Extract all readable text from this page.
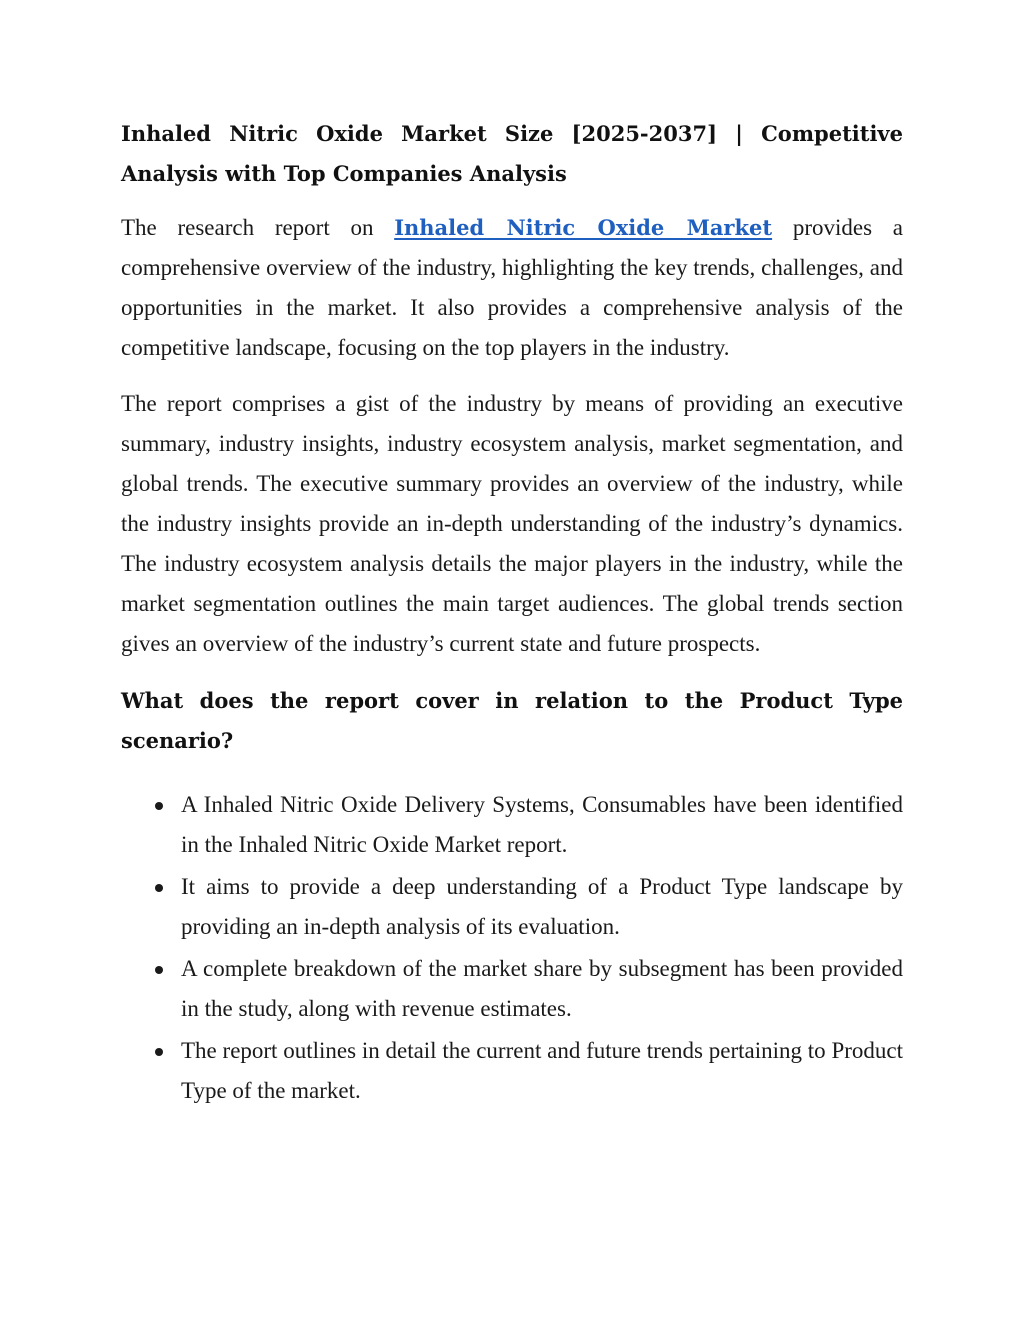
Inhaled Nitric Oxide Market Size [2025-2037] | Competitive Analysis with Top Companies Analysis

The research report on Inhaled Nitric Oxide Market provides a comprehensive overview of the industry, highlighting the key trends, challenges, and opportunities in the market. It also provides a comprehensive analysis of the competitive landscape, focusing on the top players in the industry.

The report comprises a gist of the industry by means of providing an executive summary, industry insights, industry ecosystem analysis, market segmentation, and global trends. The executive summary provides an overview of the industry, while the industry insights provide an in-depth understanding of the industry’s dynamics. The industry ecosystem analysis details the major players in the industry, while the market segmentation outlines the main target audiences. The global trends section gives an overview of the industry’s current state and future prospects.

What does the report cover in relation to the Product Type scenario?
A Inhaled Nitric Oxide Delivery Systems, Consumables have been identified in the Inhaled Nitric Oxide Market report.
It aims to provide a deep understanding of a Product Type landscape by providing an in-depth analysis of its evaluation.
A complete breakdown of the market share by subsegment has been provided in the study, along with revenue estimates.
The report outlines in detail the current and future trends pertaining to Product Type of the market.
